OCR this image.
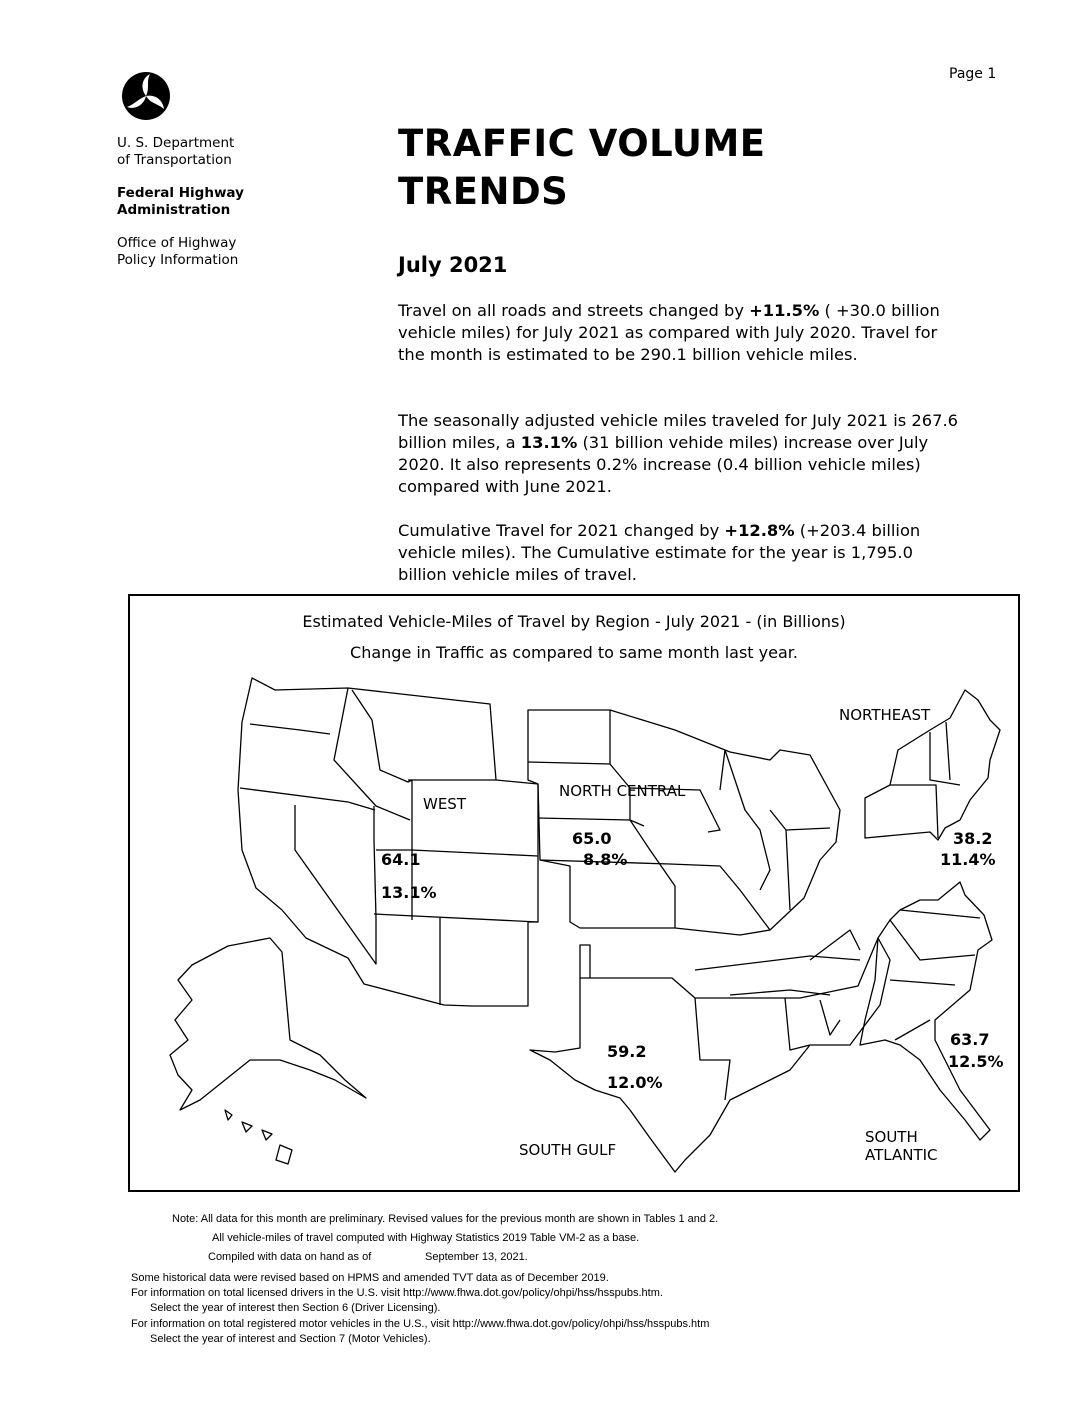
Page 1
U. S. Department
of Transportation
Federal Highway
Administration
Office of Highway
Policy Information
TRAFFIC VOLUME
TRENDS
July 2021
Travel on all roads and streets changed by +11.5% ( +30.0 billion vehicle miles) for July 2021 as compared with July 2020. Travel for the month is estimated to be 290.1 billion vehicle miles.
The seasonally adjusted vehicle miles traveled for July 2021 is 267.6 billion miles, a 13.1% (31 billion vehide miles) increase over July 2020. It also represents 0.2% increase (0.4 billion vehicle miles) compared with June 2021.
Cumulative Travel for 2021 changed by +12.8% (+203.4 billion vehicle miles). The Cumulative estimate for the year is 1,795.0 billion vehicle miles of travel.
Estimated Vehicle-Miles of Travel by Region - July 2021 - (in Billions)
Change in Traffic as compared to same month last year.
WEST
64.1
13.1%
NORTH CENTRAL
65.0
8.8%
NORTHEAST
38.2
11.4%
SOUTH GULF
59.2
12.0%
SOUTH
ATLANTIC
63.7
12.5%
Note: All data for this month are preliminary. Revised values for the previous month are shown in Tables 1 and 2.
All vehicle-miles of travel computed with Highway Statistics 2019 Table VM-2 as a base.
Compiled with data on hand as of	September 13, 2021.
Some historical data were revised based on HPMS and amended TVT data as of December 2019.
For information on total licensed drivers in the U.S. visit http://www.fhwa.dot.gov/policy/ohpi/hss/hsspubs.htm.
Select the year of interest then Section 6 (Driver Licensing).
For information on total registered motor vehicles in the U.S., visit http://www.fhwa.dot.gov/policy/ohpi/hss/hsspubs.htm
Select the year of interest and Section 7 (Motor Vehicles).
